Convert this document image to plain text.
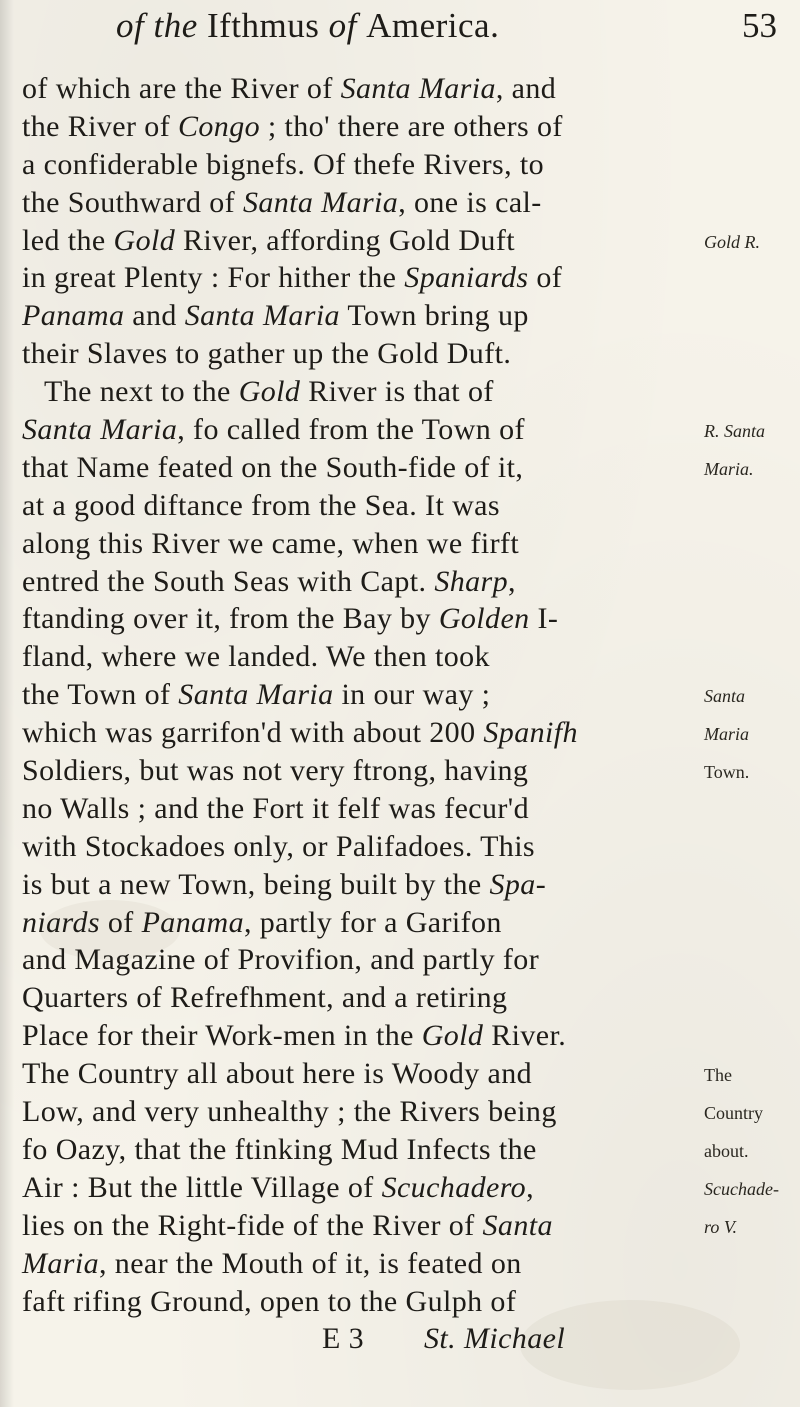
of the Ifthmus of America.	53
of which are the River of Santa Maria, and
the River of Congo ; tho' there are others of
a confiderable bignefs. Of thefe Rivers, to
the Southward of Santa Maria, one is cal-
led the Gold River, affording Gold Duft
in great Plenty : For hither the Spaniards of
Panama and Santa Maria Town bring up
their Slaves to gather up the Gold Duft.
The next to the Gold River is that of
Santa Maria, fo called from the Town of
that Name feated on the South-fide of it,
at a good diftance from the Sea. It was
along this River we came, when we firft
entred the South Seas with Capt. Sharp,
ftanding over it, from the Bay by Golden I-
fland, where we landed. We then took
the Town of Santa Maria in our way ;
which was garrifon'd with about 200 Spanifh
Soldiers, but was not very ftrong, having
no Walls ; and the Fort it felf was fecur'd
with Stockadoes only, or Palifadoes. This
is but a new Town, being built by the Spa-
niards of Panama, partly for a Garifon
and Magazine of Provifion, and partly for
Quarters of Refrefhment, and a retiring
Place for their Work-men in the Gold River.
The Country all about here is Woody and
Low, and very unhealthy ; the Rivers being
fo Oazy, that the ftinking Mud Infects the
Air : But the little Village of Scuchadero,
lies on the Right-fide of the River of Santa
Maria, near the Mouth of it, is feated on
faft rifing Ground, open to the Gulph of
E 3 St. Michael
Gold R.
R. Santa
Maria.
Santa
Maria
Town.
The
Country
about.
Scuchade-
ro V.
